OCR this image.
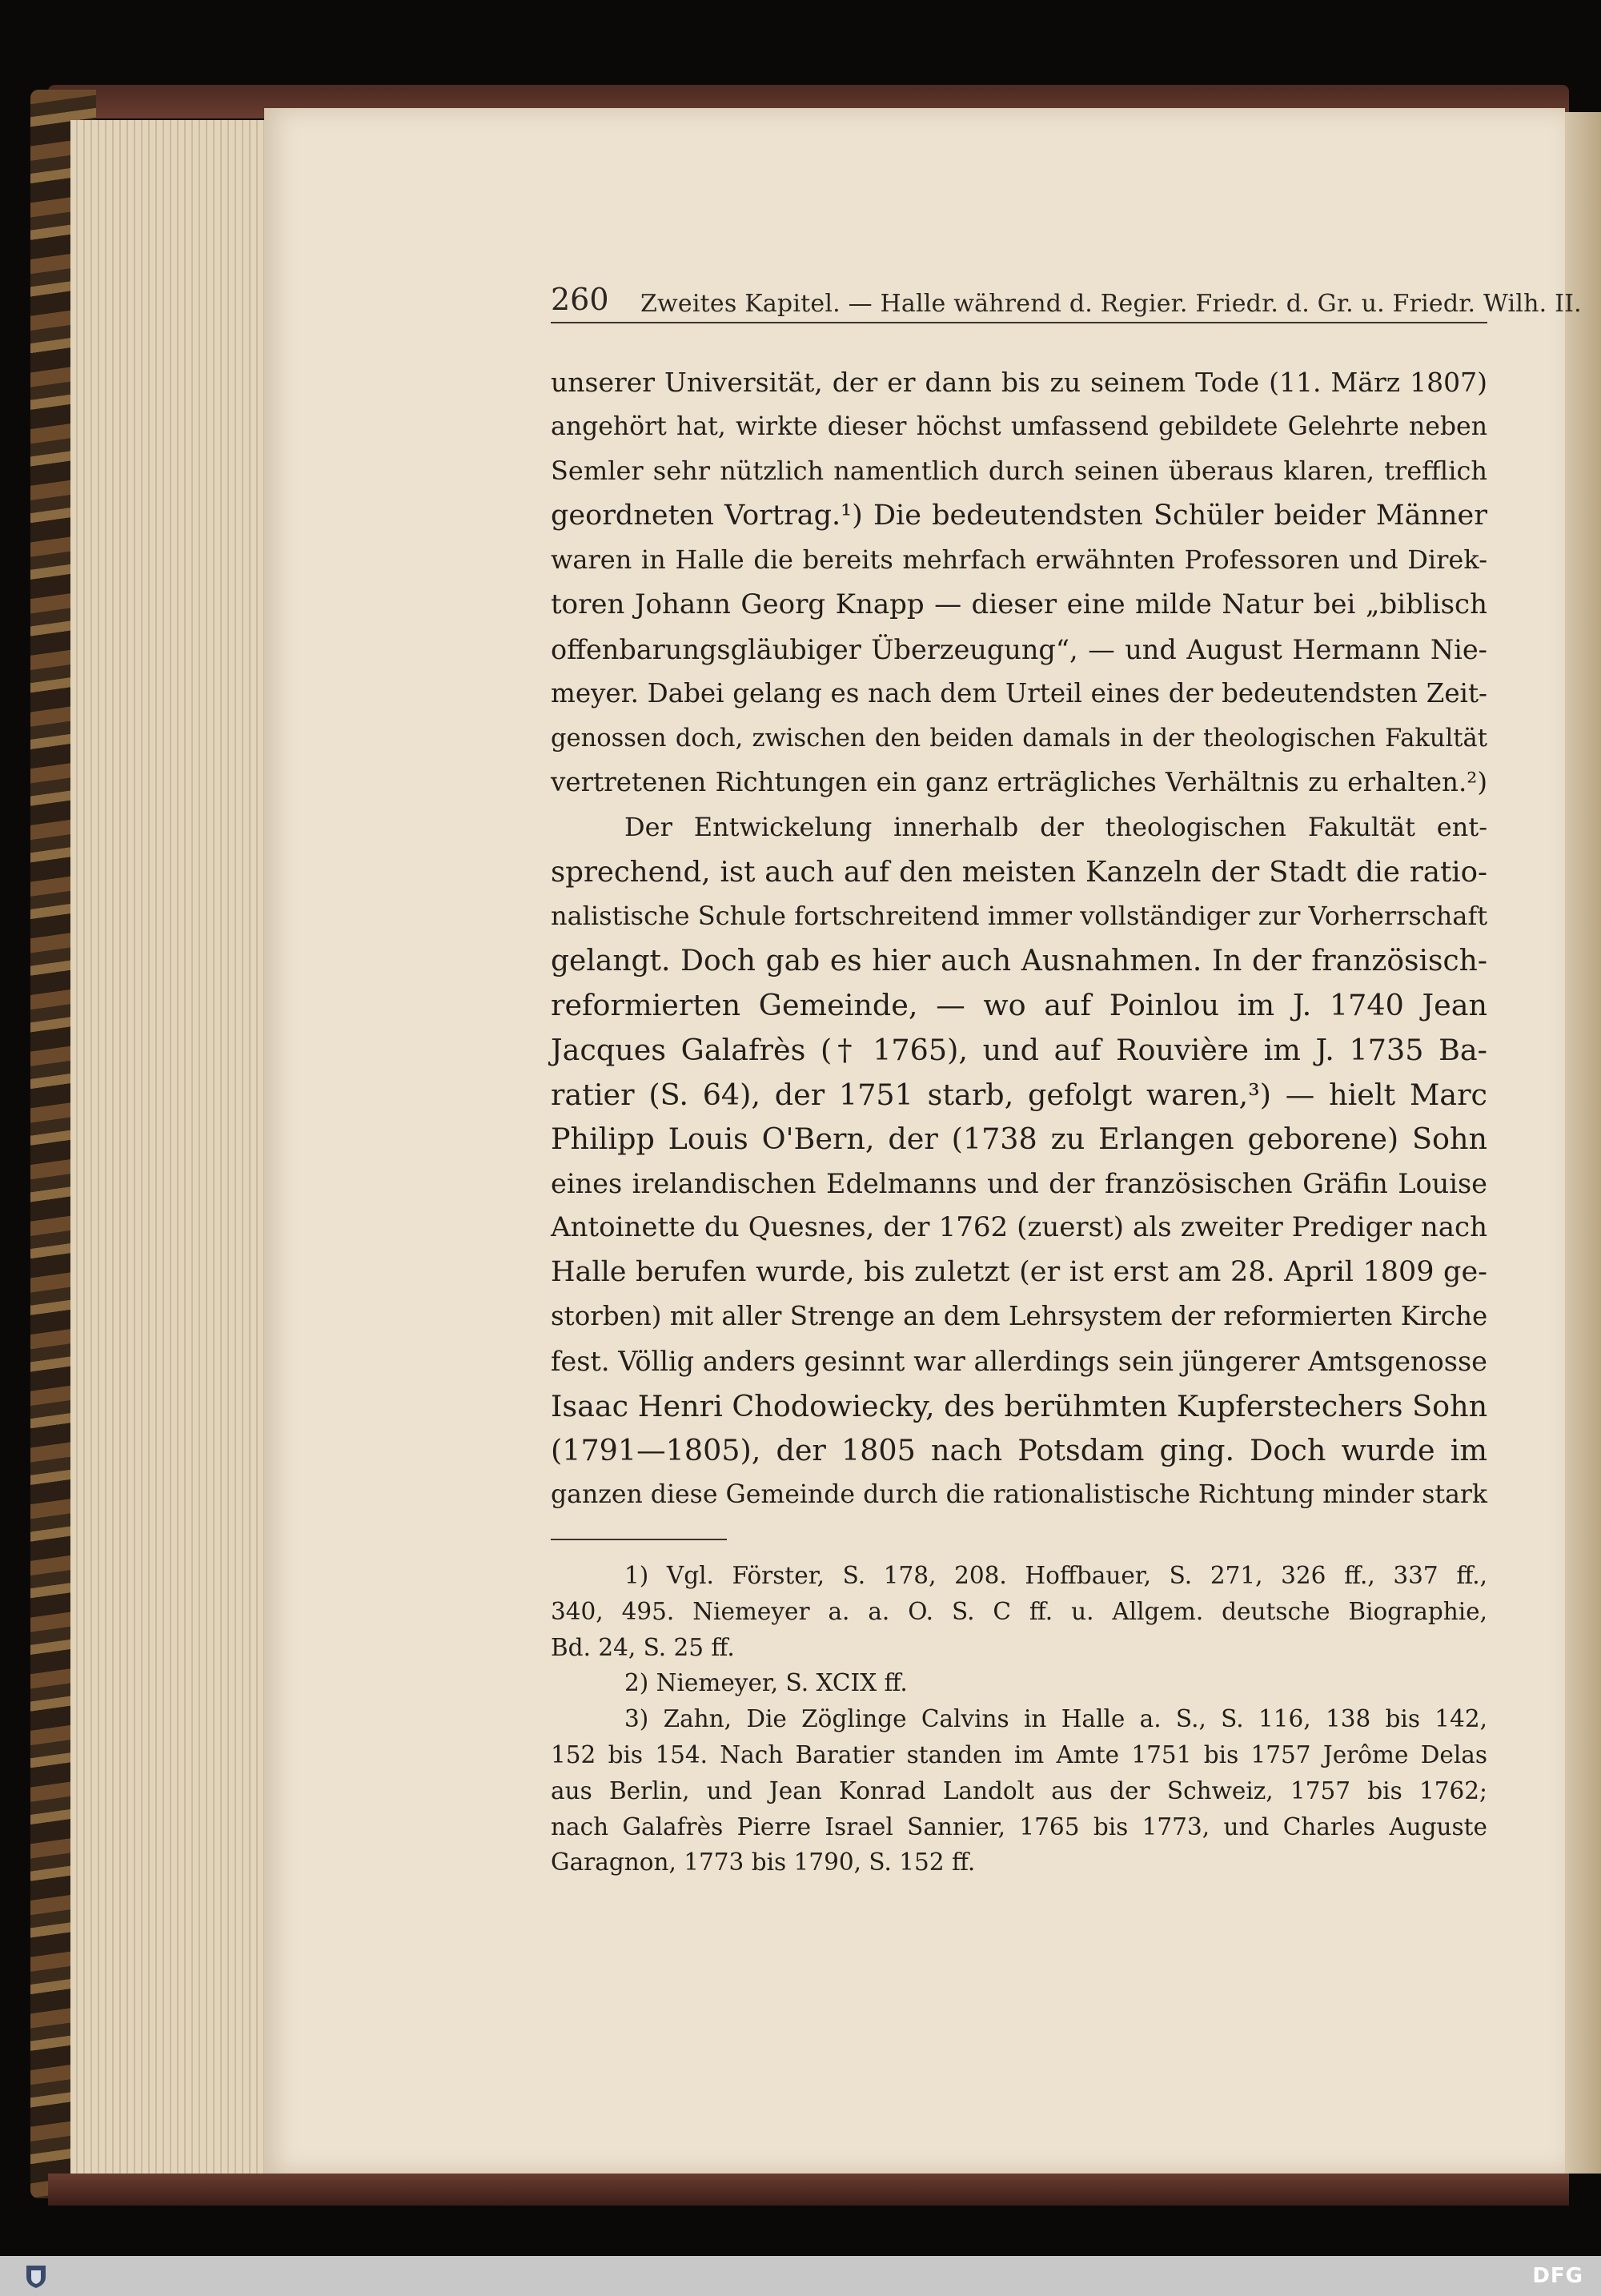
260 Zweites Kapitel. — Halle während d. Regier. Friedr. d. Gr. u. Friedr. Wilh. II.
unserer Universität, der er dann bis zu seinem Tode (11. März 1807)
angehört hat, wirkte dieser höchst umfassend gebildete Gelehrte neben
Semler sehr nützlich namentlich durch seinen überaus klaren, trefflich
geordneten Vortrag.¹) Die bedeutendsten Schüler beider Männer
waren in Halle die bereits mehrfach erwähnten Professoren und Direk-
toren Johann Georg Knapp — dieser eine milde Natur bei „biblisch
offenbarungsgläubiger Überzeugung“, — und August Hermann Nie-
meyer. Dabei gelang es nach dem Urteil eines der bedeutendsten Zeit-
genossen doch, zwischen den beiden damals in der theologischen Fakultät
vertretenen Richtungen ein ganz erträgliches Verhältnis zu erhalten.²)
Der Entwickelung innerhalb der theologischen Fakultät ent-
sprechend, ist auch auf den meisten Kanzeln der Stadt die ratio-
nalistische Schule fortschreitend immer vollständiger zur Vorherrschaft
gelangt. Doch gab es hier auch Ausnahmen. In der französisch-
reformierten Gemeinde, — wo auf Poinlou im J. 1740 Jean
Jacques Galafrès († 1765), und auf Rouvière im J. 1735 Ba-
ratier (S. 64), der 1751 starb, gefolgt waren,³) — hielt Marc
Philipp Louis O'Bern, der (1738 zu Erlangen geborene) Sohn
eines irelandischen Edelmanns und der französischen Gräfin Louise
Antoinette du Quesnes, der 1762 (zuerst) als zweiter Prediger nach
Halle berufen wurde, bis zuletzt (er ist erst am 28. April 1809 ge-
storben) mit aller Strenge an dem Lehrsystem der reformierten Kirche
fest. Völlig anders gesinnt war allerdings sein jüngerer Amtsgenosse
Isaac Henri Chodowiecky, des berühmten Kupferstechers Sohn
(1791—1805), der 1805 nach Potsdam ging. Doch wurde im
ganzen diese Gemeinde durch die rationalistische Richtung minder stark
1) Vgl. Förster, S. 178, 208. Hoffbauer, S. 271, 326 ff., 337 ff.,
340, 495. Niemeyer a. a. O. S. C ff. u. Allgem. deutsche Biographie,
Bd. 24, S. 25 ff.
2) Niemeyer, S. XCIX ff.
3) Zahn, Die Zöglinge Calvins in Halle a. S., S. 116, 138 bis 142,
152 bis 154. Nach Baratier standen im Amte 1751 bis 1757 Jerôme Delas
aus Berlin, und Jean Konrad Landolt aus der Schweiz, 1757 bis 1762;
nach Galafrès Pierre Israel Sannier, 1765 bis 1773, und Charles Auguste
Garagnon, 1773 bis 1790, S. 152 ff.
DFG
